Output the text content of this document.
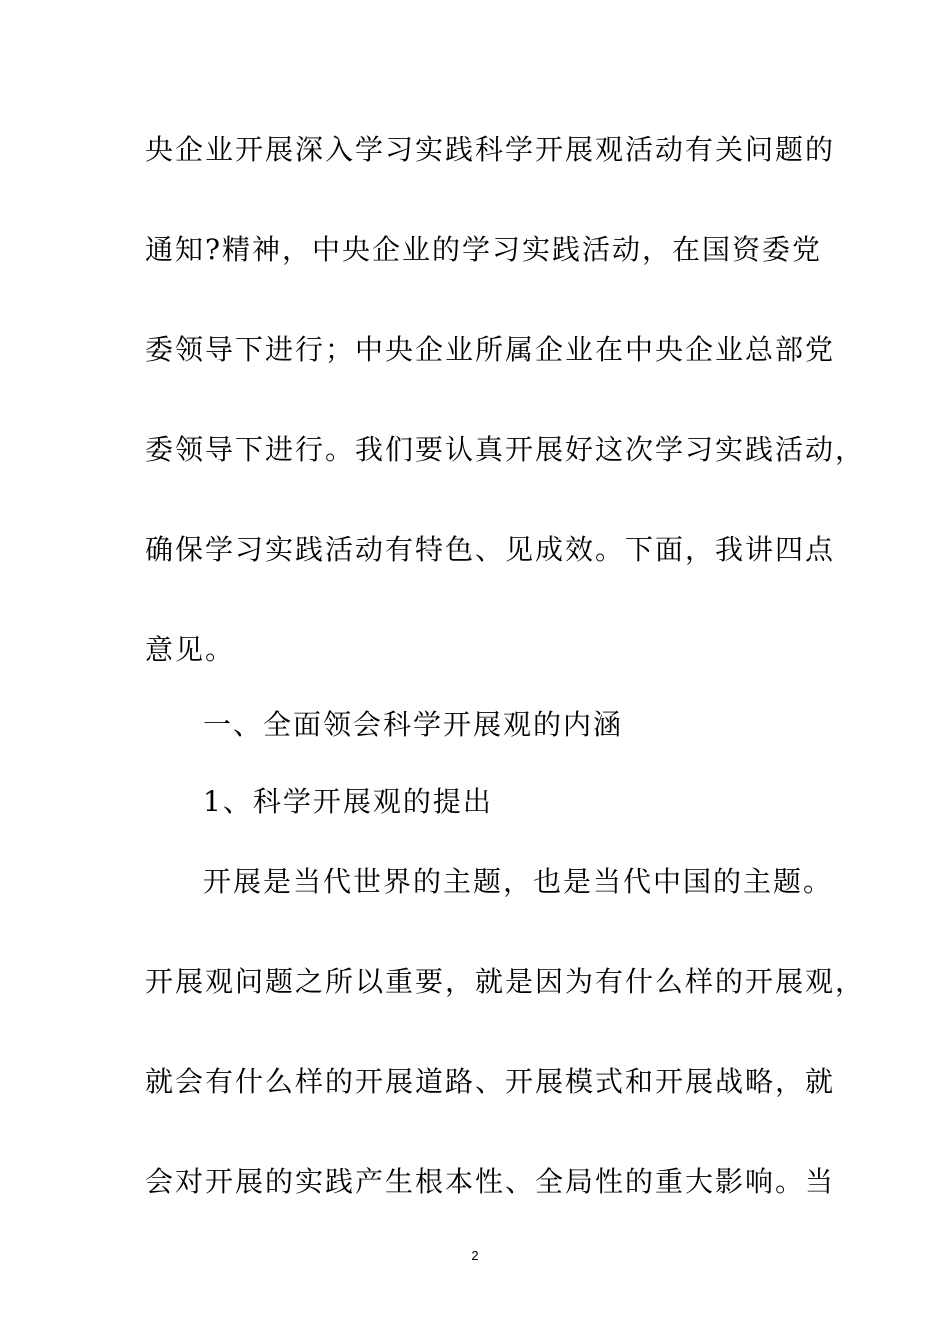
央企业开展深入学习实践科学开展观活动有关问题的
通知?精神，中央企业的学习实践活动，在国资委党
委领导下进行；中央企业所属企业在中央企业总部党
委领导下进行。我们要认真开展好这次学习实践活动，
确保学习实践活动有特色、见成效。下面，我讲四点
意见。
一、全面领会科学开展观的内涵
1、科学开展观的提出
开展是当代世界的主题，也是当代中国的主题。
开展观问题之所以重要，就是因为有什么样的开展观，
就会有什么样的开展道路、开展模式和开展战略，就
会对开展的实践产生根本性、全局性的重大影响。当
2
